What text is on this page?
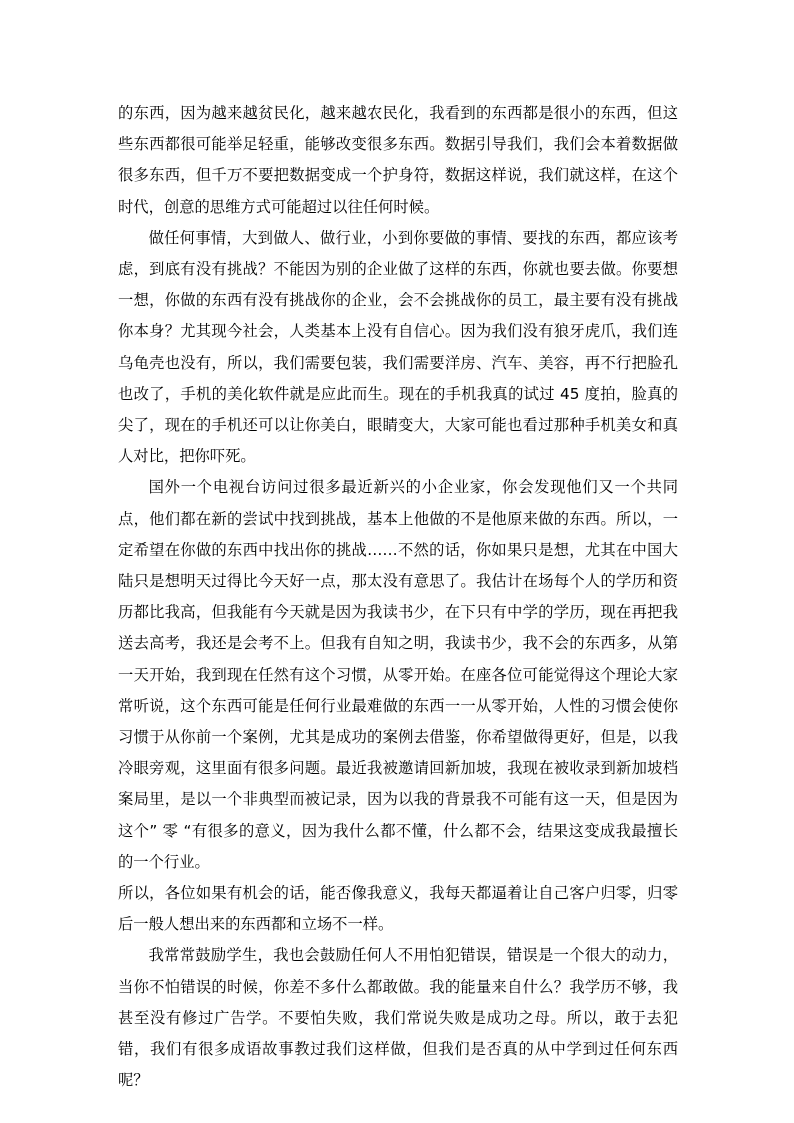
的东西，因为越来越贫民化，越来越农民化，我看到的东西都是很小的东西，但这些东西都很可能举足轻重，能够改变很多东西。数据引导我们，我们会本着数据做很多东西，但千万不要把数据变成一个护身符，数据这样说，我们就这样，在这个时代，创意的思维方式可能超过以往任何时候。

做任何事情，大到做人、做行业，小到你要做的事情、要找的东西，都应该考虑，到底有没有挑战？不能因为别的企业做了这样的东西，你就也要去做。你要想一想，你做的东西有没有挑战你的企业，会不会挑战你的员工，最主要有没有挑战你本身？尤其现今社会，人类基本上没有自信心。因为我们没有狼牙虎爪，我们连乌龟壳也没有，所以，我们需要包装，我们需要洋房、汽车、美容，再不行把脸孔也改了，手机的美化软件就是应此而生。现在的手机我真的试过 45 度拍，脸真的尖了，现在的手机还可以让你美白，眼睛变大，大家可能也看过那种手机美女和真人对比，把你吓死。

国外一个电视台访问过很多最近新兴的小企业家，你会发现他们又一个共同点，他们都在新的尝试中找到挑战，基本上他做的不是他原来做的东西。所以，一定希望在你做的东西中找出你的挑战……不然的话，你如果只是想，尤其在中国大陆只是想明天过得比今天好一点，那太没有意思了。我估计在场每个人的学历和资历都比我高，但我能有今天就是因为我读书少，在下只有中学的学历，现在再把我送去高考，我还是会考不上。但我有自知之明，我读书少，我不会的东西多，从第一天开始，我到现在任然有这个习惯，从零开始。在座各位可能觉得这个理论大家常听说，这个东西可能是任何行业最难做的东西一一从零开始，人性的习惯会使你习惯于从你前一个案例，尤其是成功的案例去借鉴，你希望做得更好，但是，以我冷眼旁观，这里面有很多问题。最近我被邀请回新加坡，我现在被收录到新加坡档案局里，是以一个非典型而被记录，因为以我的背景我不可能有这一天，但是因为这个” 零 “有很多的意义，因为我什么都不懂，什么都不会，结果这变成我最擅长的一个行业。

所以，各位如果有机会的话，能否像我意义，我每天都逼着让自己客户归零，归零后一般人想出来的东西都和立场不一样。

我常常鼓励学生，我也会鼓励任何人不用怕犯错误，错误是一个很大的动力，当你不怕错误的时候，你差不多什么都敢做。我的能量来自什么？我学历不够，我甚至没有修过广告学。不要怕失败，我们常说失败是成功之母。所以，敢于去犯错，我们有很多成语故事教过我们这样做，但我们是否真的从中学到过任何东西呢？
